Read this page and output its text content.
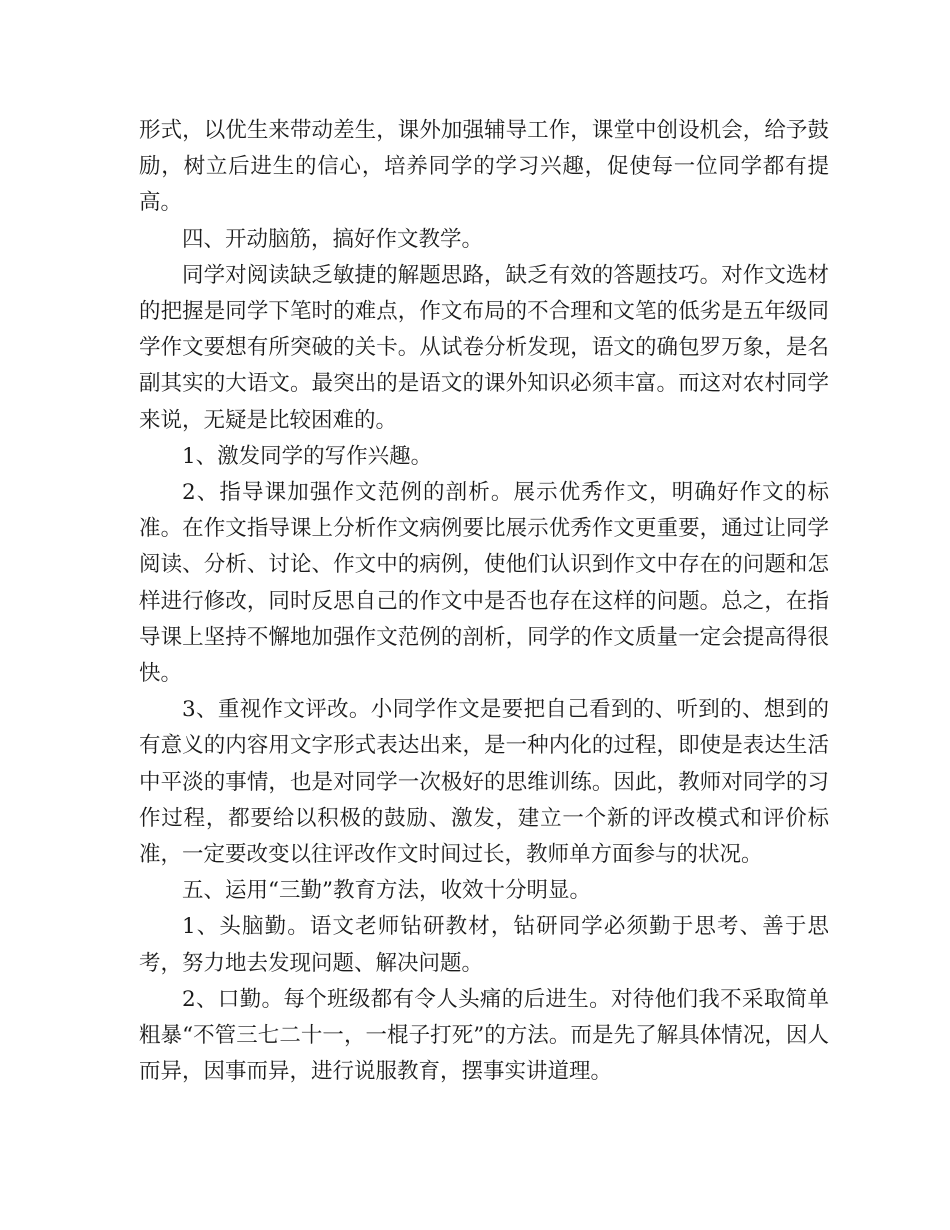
形式，以优生来带动差生，课外加强辅导工作，课堂中创设机会，给予鼓励，树立后进生的信心，培养同学的学习兴趣，促使每一位同学都有提高。

四、开动脑筋，搞好作文教学。

同学对阅读缺乏敏捷的解题思路，缺乏有效的答题技巧。对作文选材的把握是同学下笔时的难点，作文布局的不合理和文笔的低劣是五年级同学作文要想有所突破的关卡。从试卷分析发现，语文的确包罗万象，是名副其实的大语文。最突出的是语文的课外知识必须丰富。而这对农村同学来说，无疑是比较困难的。

1、激发同学的写作兴趣。

2、指导课加强作文范例的剖析。展示优秀作文，明确好作文的标准。在作文指导课上分析作文病例要比展示优秀作文更重要，通过让同学阅读、分析、讨论、作文中的病例，使他们认识到作文中存在的问题和怎样进行修改，同时反思自己的作文中是否也存在这样的问题。总之，在指导课上坚持不懈地加强作文范例的剖析，同学的作文质量一定会提高得很快。

3、重视作文评改。小同学作文是要把自己看到的、听到的、想到的有意义的内容用文字形式表达出来，是一种内化的过程，即使是表达生活中平淡的事情，也是对同学一次极好的思维训练。因此，教师对同学的习作过程，都要给以积极的鼓励、激发，建立一个新的评改模式和评价标准，一定要改变以往评改作文时间过长，教师单方面参与的状况。

五、运用“三勤”教育方法，收效十分明显。

1、头脑勤。语文老师钻研教材，钻研同学必须勤于思考、善于思考，努力地去发现问题、解决问题。

2、口勤。每个班级都有令人头痛的后进生。对待他们我不采取简单粗暴“不管三七二十一，一棍子打死”的方法。而是先了解具体情况，因人而异，因事而异，进行说服教育，摆事实讲道理。
